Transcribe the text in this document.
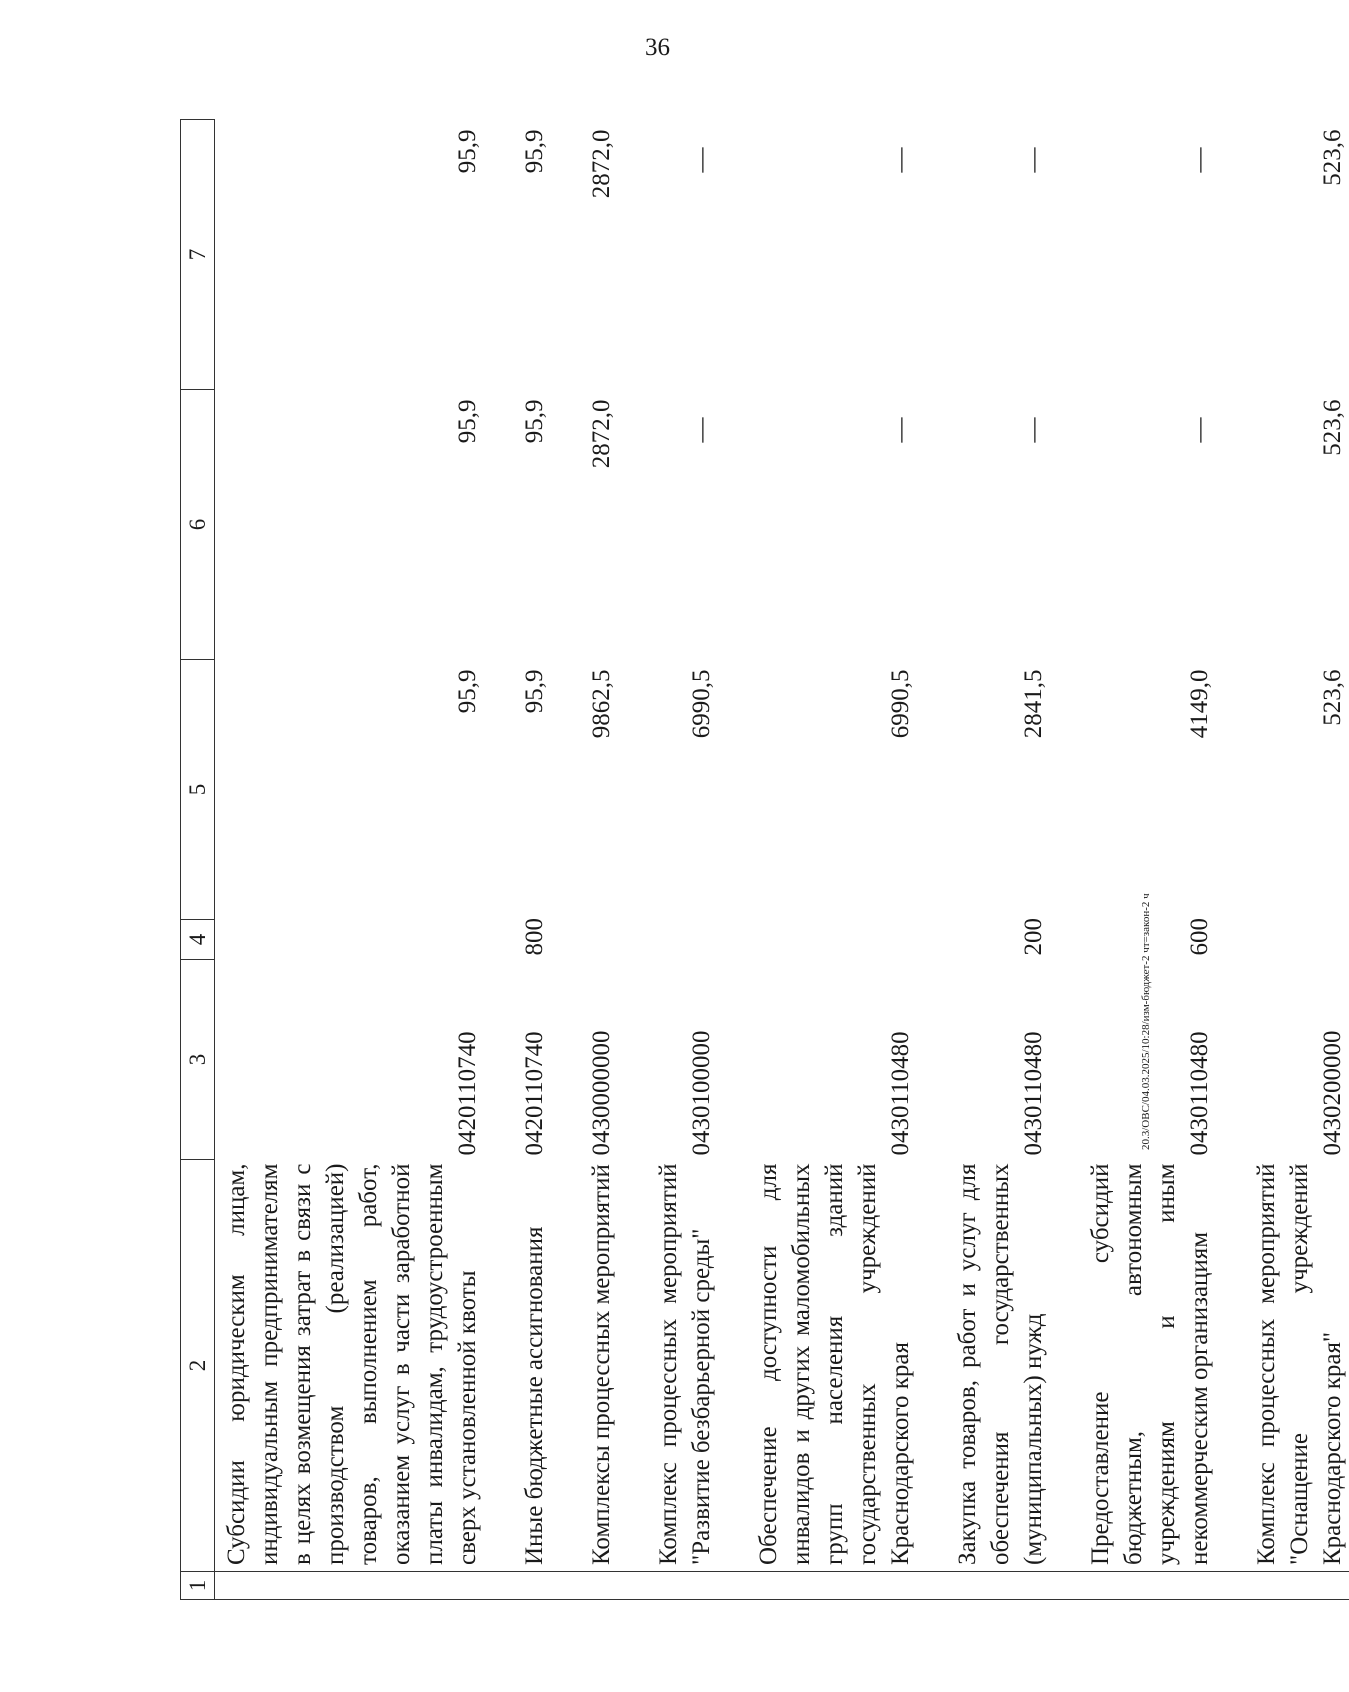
36
1	2	3	4	5	6	7
	Субсидии юридическим лицам, индивидуальным предпринимателям в целях возмещения затрат в связи с производством (реализацией) товаров, выполнением работ, оказанием услуг в части заработной платы инвалидам, трудоустроенным сверх установленной квоты	0420110740		95,9	95,9	95,9
	Иные бюджетные ассигнования	0420110740	800	95,9	95,9	95,9
	Комплексы процессных мероприятий	0430000000		9862,5	2872,0	2872,0
	Комплекс процессных мероприятий "Развитие безбарьерной среды"	0430100000		6990,5	—	—
	Обеспечение доступности для инвалидов и других маломобильных групп населения зданий государственных учреждений Краснодарского края	0430110480		6990,5	—	—
	Закупка товаров, работ и услуг для обеспечения государственных (муниципальных) нужд	0430110480	200	2841,5	—	—
	Предоставление субсидий бюджетным, автономным учреждениям и иным некоммерческим организациям	0430110480	600	4149,0	—	—
	Комплекс процессных мероприятий "Оснащение учреждений Краснодарского края"	0430200000		523,6	523,6	523,6
20.3/ОВС/04.03.2025/10:28/изм-бюджет-2 чт=закон-2 ч
